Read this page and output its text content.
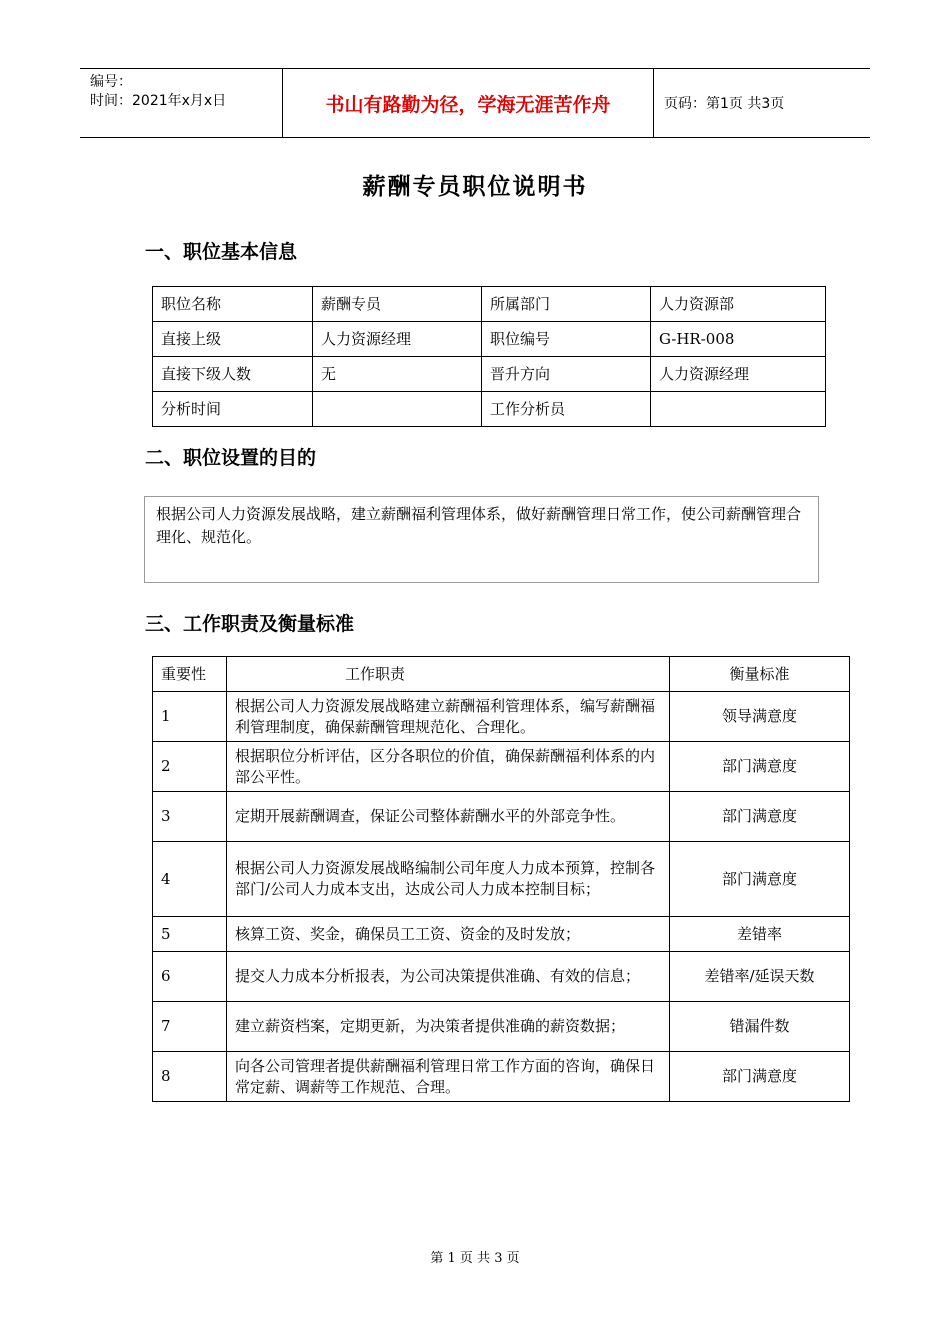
编号：
时间：2021年x月x日	书山有路勤为径，学海无涯苦作舟	页码：第1页 共3页
薪酬专员职位说明书
一、职位基本信息
职位名称	薪酬专员	所属部门	人力资源部
直接上级	人力资源经理	职位编号	G-HR-008
直接下级人数	无	晋升方向	人力资源经理
分析时间		工作分析员	
二、职位设置的目的
根据公司人力资源发展战略，建立薪酬福利管理体系，做好薪酬管理日常工作，使公司薪酬管理合理化、规范化。
三、工作职责及衡量标准
重要性	工作职责	衡量标准
1	根据公司人力资源发展战略建立薪酬福利管理体系，编写薪酬福利管理制度，确保薪酬管理规范化、合理化。	领导满意度
2	根据职位分析评估，区分各职位的价值，确保薪酬福利体系的内部公平性。	部门满意度
3	定期开展薪酬调查，保证公司整体薪酬水平的外部竞争性。	部门满意度
4	根据公司人力资源发展战略编制公司年度人力成本预算，控制各部门/公司人力成本支出，达成公司人力成本控制目标；	部门满意度
5	核算工资、奖金，确保员工工资、资金的及时发放；	差错率
6	提交人力成本分析报表，为公司决策提供准确、有效的信息；	差错率/延误天数
7	建立薪资档案，定期更新，为决策者提供准确的薪资数据；	错漏件数
8	向各公司管理者提供薪酬福利管理日常工作方面的咨询，确保日常定薪、调薪等工作规范、合理。	部门满意度
第 1 页 共 3 页
